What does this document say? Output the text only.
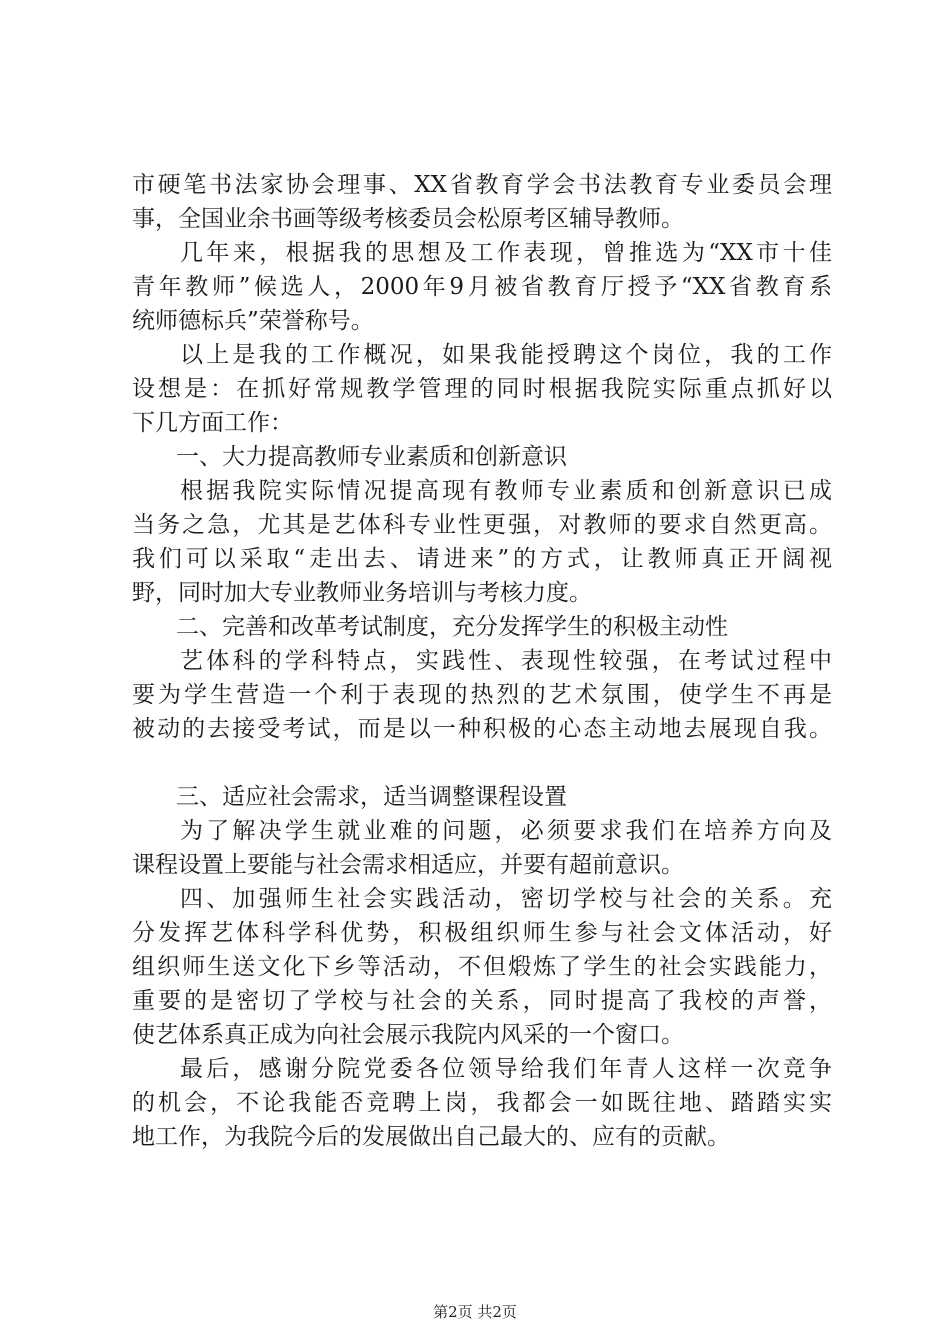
市硬笔书法家协会理事、XX省教育学会书法教育专业委员会理
事，全国业余书画等级考核委员会松原考区辅导教师。
几年来，根据我的思想及工作表现，曾推选为“XX市十佳
青年教师”候选人，2000年9月被省教育厅授予“XX省教育系
统师德标兵”荣誉称号。
以上是我的工作概况，如果我能授聘这个岗位，我的工作
设想是：在抓好常规教学管理的同时根据我院实际重点抓好以
下几方面工作：
一、大力提高教师专业素质和创新意识
根据我院实际情况提高现有教师专业素质和创新意识已成
当务之急，尤其是艺体科专业性更强，对教师的要求自然更高。
我们可以采取“走出去、请进来”的方式，让教师真正开阔视
野，同时加大专业教师业务培训与考核力度。
二、完善和改革考试制度，充分发挥学生的积极主动性
艺体科的学科特点，实践性、表现性较强，在考试过程中
要为学生营造一个利于表现的热烈的艺术氛围，使学生不再是
被动的去接受考试，而是以一种积极的心态主动地去展现自我。
三、适应社会需求，适当调整课程设置
为了解决学生就业难的问题，必须要求我们在培养方向及
课程设置上要能与社会需求相适应，并要有超前意识。
四、加强师生社会实践活动，密切学校与社会的关系。充
分发挥艺体科学科优势，积极组织师生参与社会文体活动，好
组织师生送文化下乡等活动，不但煅炼了学生的社会实践能力，
重要的是密切了学校与社会的关系，同时提高了我校的声誉，
使艺体系真正成为向社会展示我院内风采的一个窗口。
最后，感谢分院党委各位领导给我们年青人这样一次竞争
的机会，不论我能否竞聘上岗，我都会一如既往地、踏踏实实
地工作，为我院今后的发展做出自己最大的、应有的贡献。
第2页 共2页
